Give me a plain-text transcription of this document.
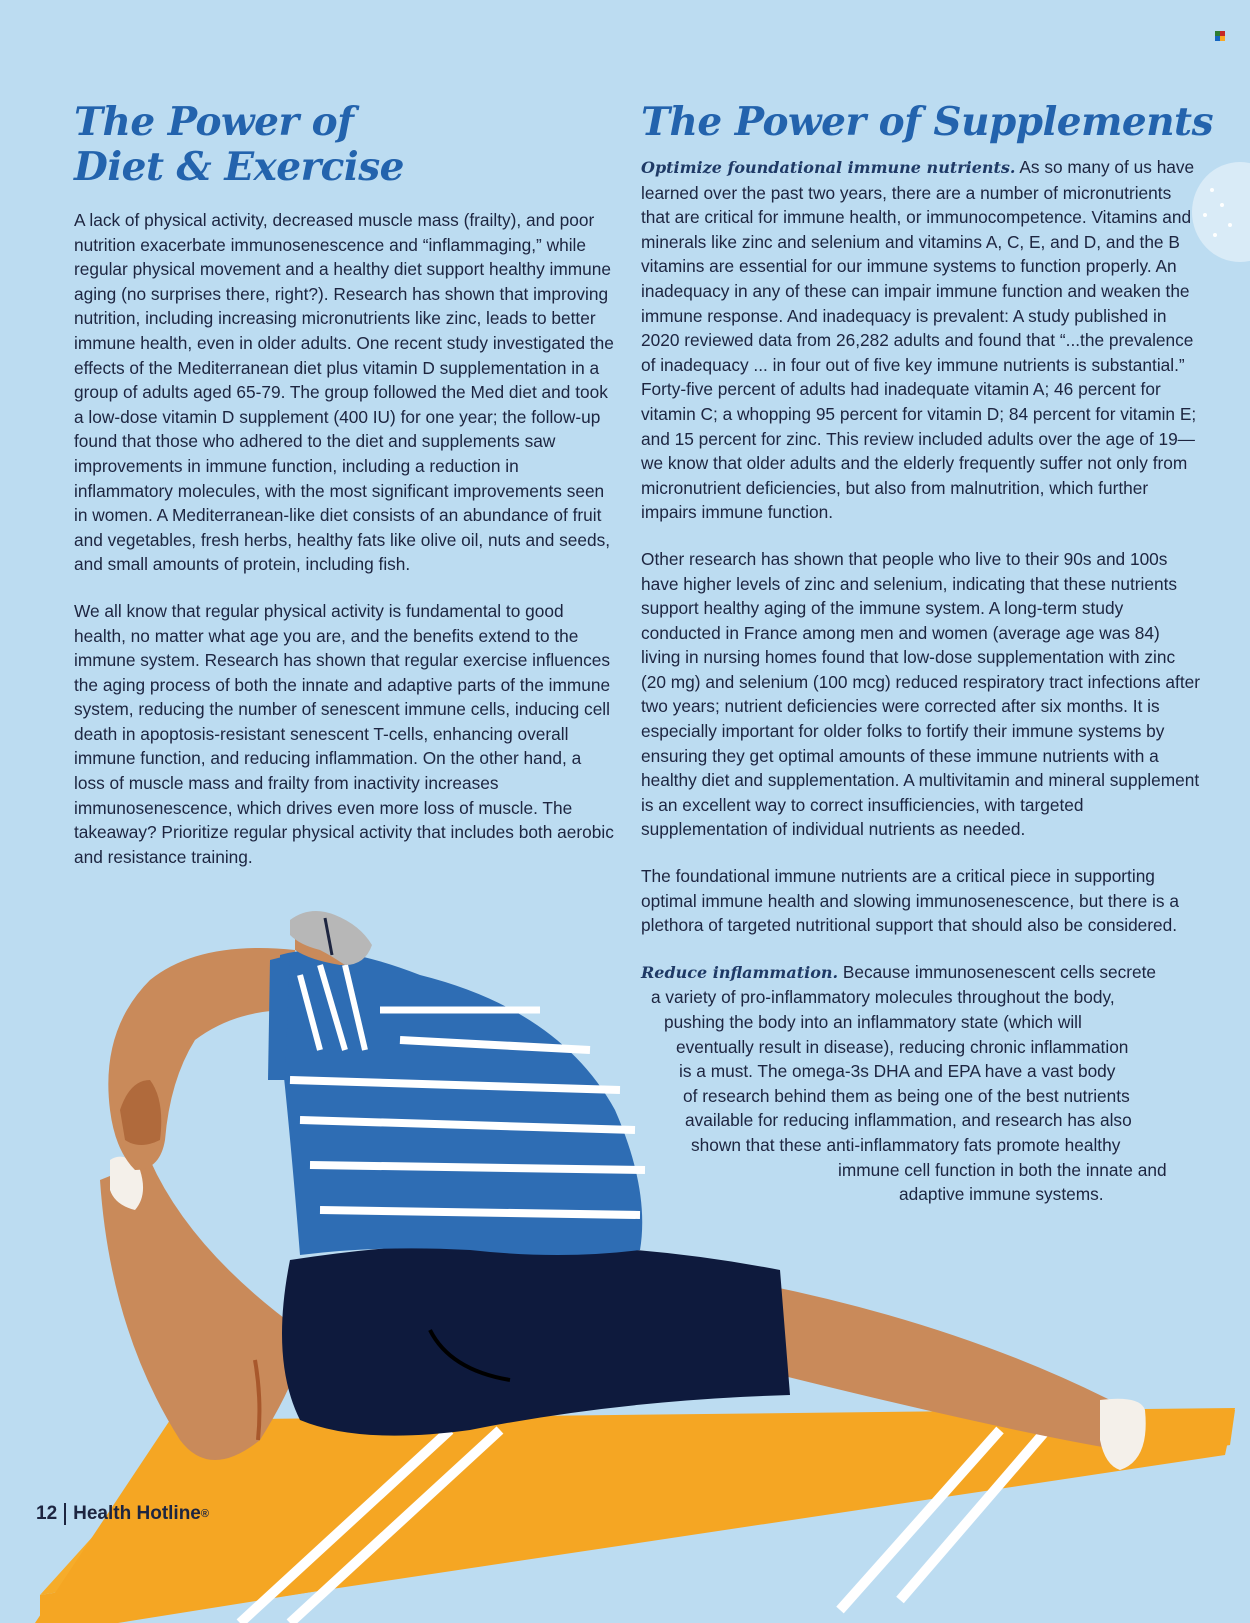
The Power of
Diet & Exercise

A lack of physical activity, decreased muscle mass (frailty), and poor nutrition exacerbate immunosenescence and “inflammaging,” while regular physical movement and a healthy diet support healthy immune aging (no surprises there, right?). Research has shown that improving nutrition, including increasing micronutrients like zinc, leads to better immune health, even in older adults. One recent study investigated the effects of the Mediterranean diet plus vitamin D supplementation in a group of adults aged 65-79. The group followed the Med diet and took a low-dose vitamin D supplement (400 IU) for one year; the follow-up found that those who adhered to the diet and supplements saw improvements in immune function, including a reduction in inflammatory molecules, with the most significant improvements seen in women. A Mediterranean-like diet consists of an abundance of fruit and vegetables, fresh herbs, healthy fats like olive oil, nuts and seeds, and small amounts of protein, including fish.

We all know that regular physical activity is fundamental to good health, no matter what age you are, and the benefits extend to the immune system. Research has shown that regular exercise influences the aging process of both the innate and adaptive parts of the immune system, reducing the number of senescent immune cells, inducing cell death in apoptosis-resistant senescent T-cells, enhancing overall immune function, and reducing inflammation. On the other hand, a loss of muscle mass and frailty from inactivity increases immunosenescence, which drives even more loss of muscle. The takeaway? Prioritize regular physical activity that includes both aerobic and resistance training.

The Power of Supplements

Optimize foundational immune nutrients. As so many of us have learned over the past two years, there are a number of micronutrients that are critical for immune health, or immunocompetence. Vitamins and minerals like zinc and selenium and vitamins A, C, E, and D, and the B vitamins are essential for our immune systems to function properly. An inadequacy in any of these can impair immune function and weaken the immune response. And inadequacy is prevalent: A study published in 2020 reviewed data from 26,282 adults and found that “...the prevalence of inadequacy ... in four out of five key immune nutrients is substantial.” Forty-five percent of adults had inadequate vitamin A; 46 percent for vitamin C; a whopping 95 percent for vitamin D; 84 percent for vitamin E; and 15 percent for zinc. This review included adults over the age of 19—we know that older adults and the elderly frequently suffer not only from micronutrient deficiencies, but also from malnutrition, which further impairs immune function.

Other research has shown that people who live to their 90s and 100s have higher levels of zinc and selenium, indicating that these nutrients support healthy aging of the immune system. A long-term study conducted in France among men and women (average age was 84) living in nursing homes found that low-dose supplementation with zinc (20 mg) and selenium (100 mcg) reduced respiratory tract infections after two years; nutrient deficiencies were corrected after six months. It is especially important for older folks to fortify their immune systems by ensuring they get optimal amounts of these immune nutrients with a healthy diet and supplementation. A multivitamin and mineral supplement is an excellent way to correct insufficiencies, with targeted supplementation of individual nutrients as needed.

The foundational immune nutrients are a critical piece in supporting optimal immune health and slowing immunosenescence, but there is a plethora of targeted nutritional support that should also be considered.

Reduce inflammation. Because immunosenescent cells secrete
a variety of pro-inflammatory molecules throughout the body,
pushing the body into an inflammatory state (which will
eventually result in disease), reducing chronic inflammation
is a must. The omega-3s DHA and EPA have a vast body
of research behind them as being one of the best nutrients
available for reducing inflammation, and research has also
shown that these anti-inflammatory fats promote healthy
immune cell function in both the innate and
adaptive immune systems.

12 Health Hotline ®
